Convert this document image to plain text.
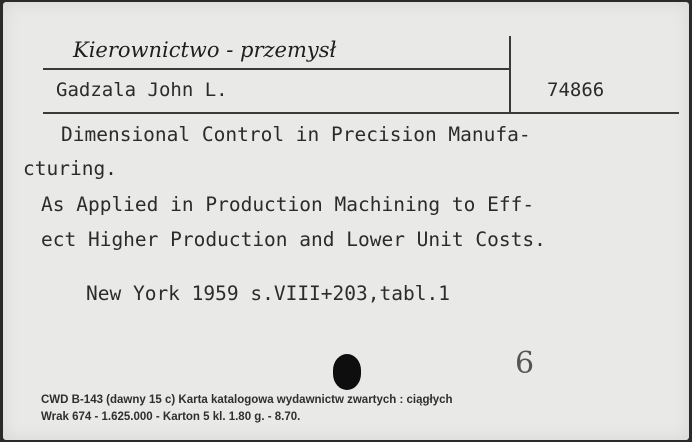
Kierownictwo - przemysł
Gadzala John L.	74866
Dimensional Control in Precision Manufa-
cturing.
As Applied in Production Machining to Eff-
ect Higher Production and Lower Unit Costs.
New York 1959 s.VIII+203,tabl.1
6
CWD B-143 (dawny 15 c) Karta katalogowa wydawnictw zwartych : ciągłych
Wrak 674 - 1.625.000 - Karton 5 kl. 1.80 g. - 8.70.
